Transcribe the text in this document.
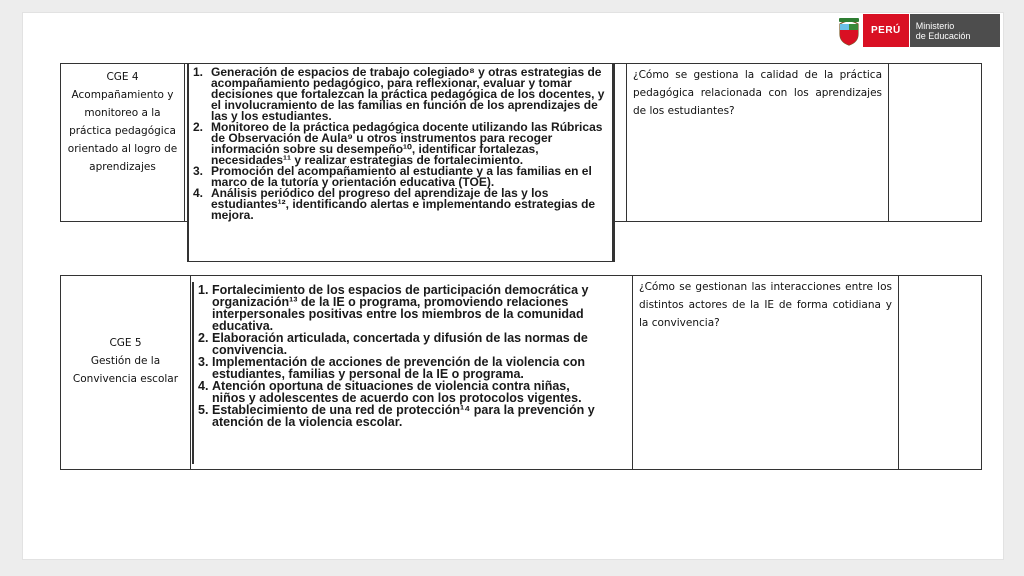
PERÚ	Ministerio
de Educación
CGE 4
Acompañamiento y
monitoreo a la
práctica pedagógica
orientado al logro de
aprendizajes
¿Cómo se gestiona la calidad de la práctica pedagógica relacionada con los aprendizajes de los estudiantes?
1. Generación de espacios de trabajo colegiado⁸ y otras estrategias de acompañamiento pedagógico, para reflexionar, evaluar y tomar decisiones que fortalezcan la práctica pedagógica de los docentes, y el involucramiento de las familias en función de los aprendizajes de las y los estudiantes.
2. Monitoreo de la práctica pedagógica docente utilizando las Rúbricas de Observación de Aula⁹ u otros instrumentos para recoger información sobre su desempeño¹⁰, identificar fortalezas, necesidades¹¹ y realizar estrategias de fortalecimiento.
3. Promoción del acompañamiento al estudiante y a las familias en el marco de la tutoría y orientación educativa (TOE).
4. Análisis periódico del progreso del aprendizaje de las y los estudiantes¹², identificando alertas e implementando estrategias de mejora.
CGE 5
Gestión de la
Convivencia escolar
¿Cómo se gestionan las interacciones entre los distintos actores de la IE de forma cotidiana y la convivencia?
1. Fortalecimiento de los espacios de participación democrática y organización¹³ de la IE o programa, promoviendo relaciones interpersonales positivas entre los miembros de la comunidad educativa.
2. Elaboración articulada, concertada y difusión de las normas de convivencia.
3. Implementación de acciones de prevención de la violencia con estudiantes, familias y personal de la IE o programa.
4. Atención oportuna de situaciones de violencia contra niñas, niños y adolescentes de acuerdo con los protocolos vigentes.
5. Establecimiento de una red de protección¹⁴ para la prevención y atención de la violencia escolar.
